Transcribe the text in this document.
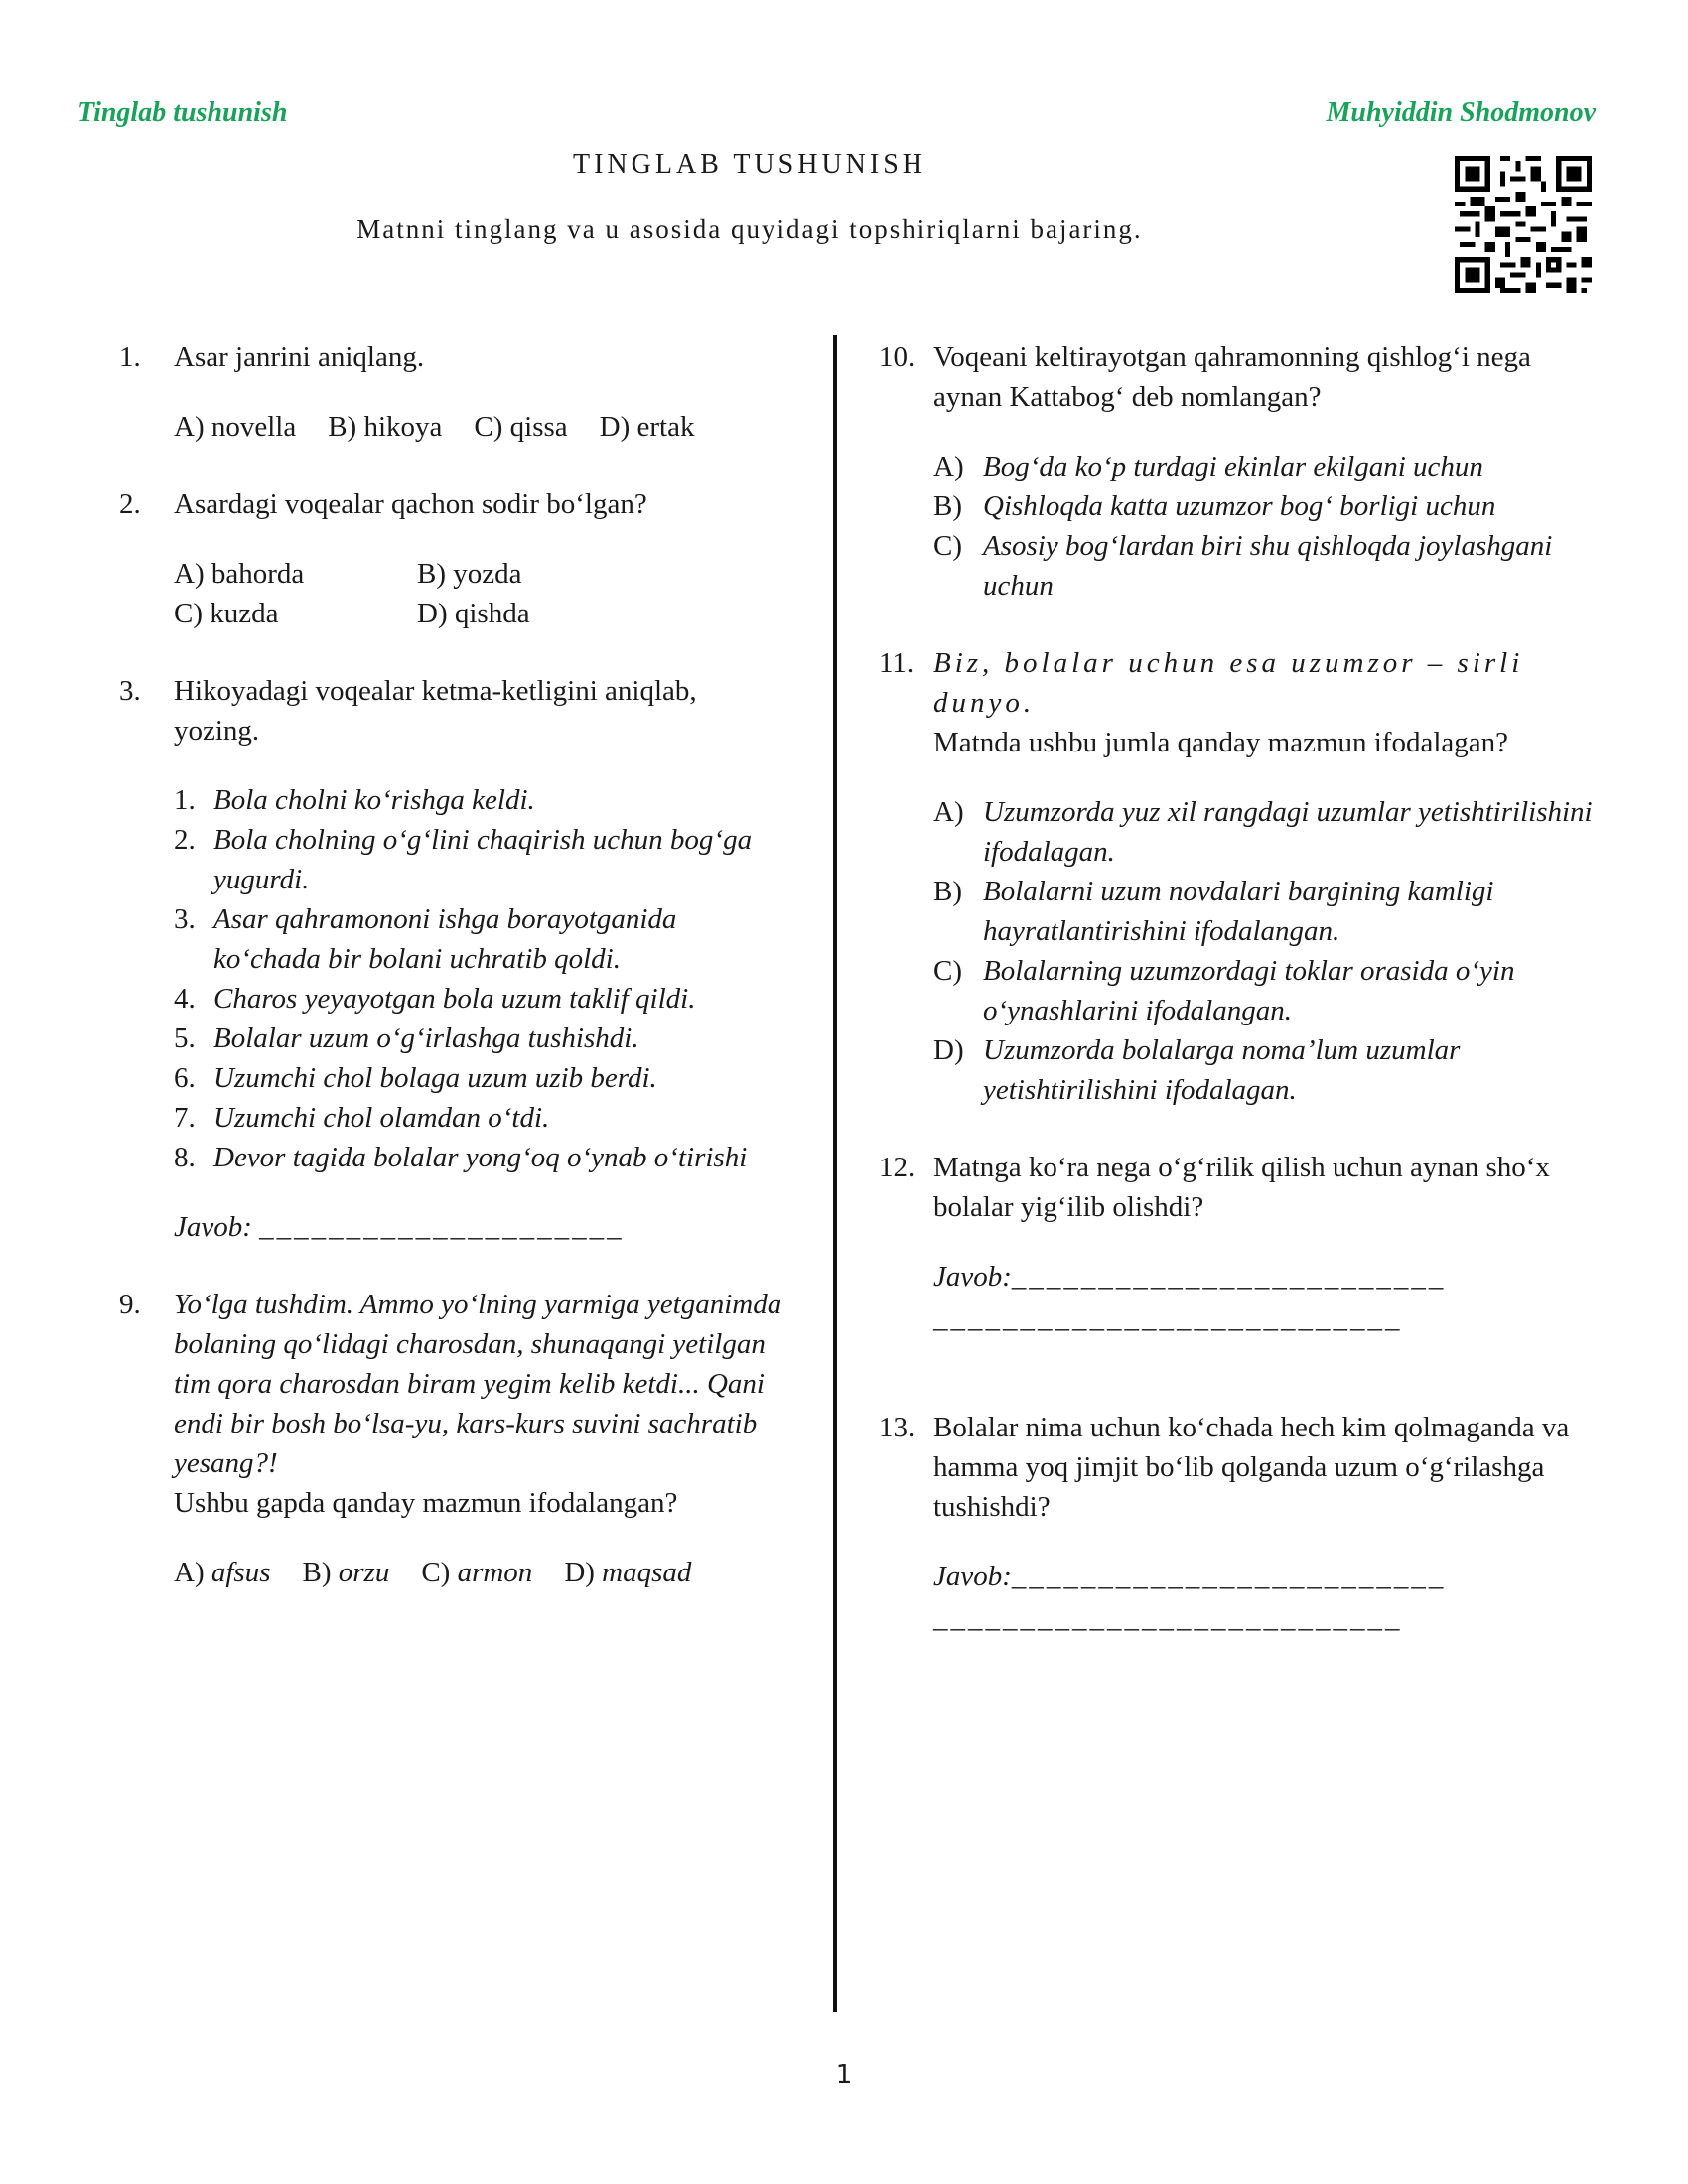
Tinglab tushunish	Muhyiddin Shodmonov
TINGLAB TUSHUNISH
Matnni tinglang va u asosida quyidagi topshiriqlarni bajaring.
1. Asar janrini aniqlang.
A) novella B) hikoya C) qissa D) ertak
2. Asardagi voqealar qachon sodir bo‘lgan?
A) bahorda	B) yozda
C) kuzda	D) qishda
3. Hikoyadagi voqealar ketma-ketligini aniqlab, yozing.
1. Bola cholni ko‘rishga keldi.
2. Bola cholning o‘g‘lini chaqirish uchun bog‘ga yugurdi.
3. Asar qahramononi ishga borayotganida ko‘chada bir bolani uchratib qoldi.
4. Charos yeyayotgan bola uzum taklif qildi.
5. Bolalar uzum o‘g‘irlashga tushishdi.
6. Uzumchi chol bolaga uzum uzib berdi.
7. Uzumchi chol olamdan o‘tdi.
8. Devor tagida bolalar yong‘oq o‘ynab o‘tirishi
Javob: _____________________
9. Yo‘lga tushdim. Ammo yo‘lning yarmiga yetganimda bolaning qo‘lidagi charosdan, shunaqangi yetilgan tim qora charosdan biram yegim kelib ketdi... Qani endi bir bosh bo‘lsa-yu, kars-kurs suvini sachratib yesang?!
Ushbu gapda qanday mazmun ifodalangan?
A) afsus B) orzu C) armon D) maqsad
10. Voqeani keltirayotgan qahramonning qishlog‘i nega aynan Kattabog‘ deb nomlangan?
A) Bog‘da ko‘p turdagi ekinlar ekilgani uchun
B) Qishloqda katta uzumzor bog‘ borligi uchun
C) Asosiy bog‘lardan biri shu qishloqda joylashgani uchun
11. Biz, bolalar uchun esa uzumzor – sirli dunyo.
Matnda ushbu jumla qanday mazmun ifodalagan?
A) Uzumzorda yuz xil rangdagi uzumlar yetishtirilishini ifodalagan.
B) Bolalarni uzum novdalari bargining kamligi hayratlantirishini ifodalangan.
C) Bolalarning uzumzordagi toklar orasida o‘yin o‘ynashlarini ifodalangan.
D) Uzumzorda bolalarga noma’lum uzumlar yetishtirilishini ifodalagan.
12. Matnga ko‘ra nega o‘g‘rilik qilish uchun aynan sho‘x bolalar yig‘ilib olishdi?
Javob:_________________________
___________________________
13. Bolalar nima uchun ko‘chada hech kim qolmaganda va hamma yoq jimjit bo‘lib qolganda uzum o‘g‘rilashga tushishdi?
Javob:_________________________
___________________________
1
